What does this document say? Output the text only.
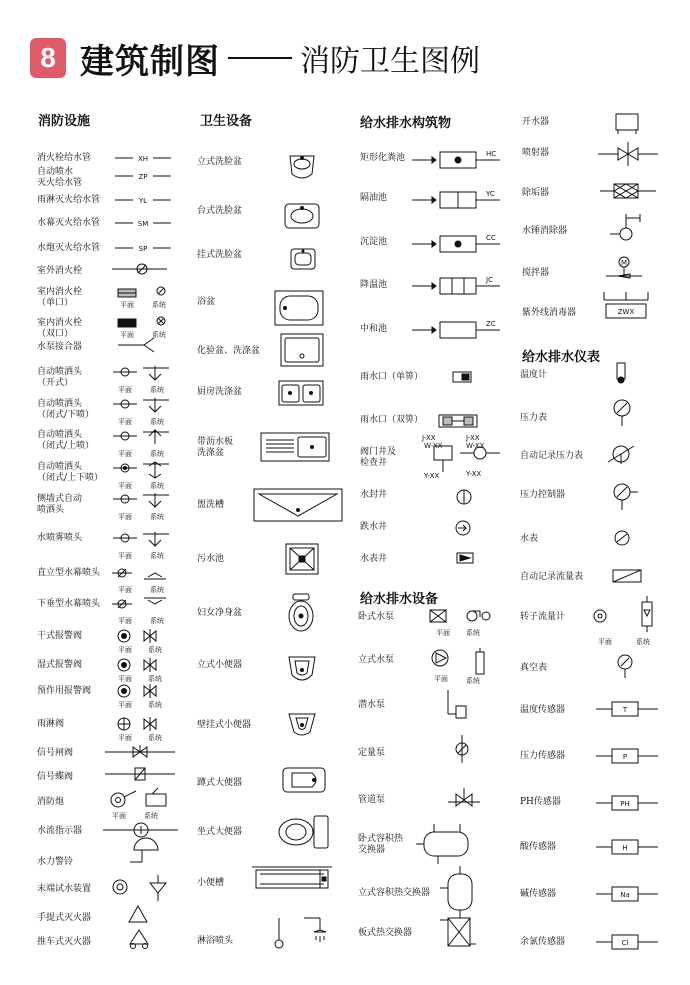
8 建筑制图	消防卫生图例
消防设施	卫生设备	给水排水构筑物
给水排水设备
给水排水仪表
消火栓给水管
自动喷水
灭火给水管
雨淋灭火给水管
水幕灭火给水管
水炮灭火给水管
室外消火栓
室内消火栓
（单口）
室内消火栓
（双口）
水泵接合器
自动喷洒头
（开式）
自动喷洒头
（闭式/下喷）
自动喷洒头
（闭式/上喷）
自动喷洒头
（闭式/上下喷）
侧墙式自动
喷洒头
水喷雾喷头
直立型水幕喷头
下垂型水幕喷头
干式报警阀
湿式报警阀
预作用报警阀
雨淋阀
信号闸阀
信号蝶阀
消防炮
水流指示器
水力警铃
末端试水装置
手提式灭火器
推车式灭火器
XH
ZP
YL
SM
SP
平面	系统
平面	系统
平面	系统
平面	系统
平面	系统
平面	系统
平面	系统
平面	系统
平面	系统
平面	系统
平面 系统
平面 系统
平面 系统
平面 系统
平面	系统
立式洗脸盆
台式洗脸盆
挂式洗脸盆
浴盆
化验盆、洗涤盆
厨房洗涤盆
带沥水板
洗涤盆
盥洗槽
污水池
妇女净身盆
立式小便器
壁挂式小便器
蹲式大便器
坐式大便器
小便槽
淋浴喷头
矩形化粪池
隔油池
沉淀池
降温池
中和池
雨水口（单箅）
雨水口（双箅）
阀门井及
检查井
水封井
跌水井
水表井
HC
YC
CC
JC
ZC
J-XX
W-XX
Y-XX
J-XX
W-XX
Y-XX
卧式水泵
立式水泵
潜水泵
定量泵
管道泵
卧式容积热
交换器
立式容积热交换器
板式热交换器
平面 系统
平面	系统
开水器
喷射器
除垢器
水锤消除器
搅拌器
紫外线消毒器
M
ZWX
温度计
压力表
自动记录压力表
压力控制器
水表
自动记录流量表
转子流量计
真空表
温度传感器
压力传感器
PH传感器
酸传感器
碱传感器
余氯传感器
平面	系统
T
P
PH
H
Na
Cl
